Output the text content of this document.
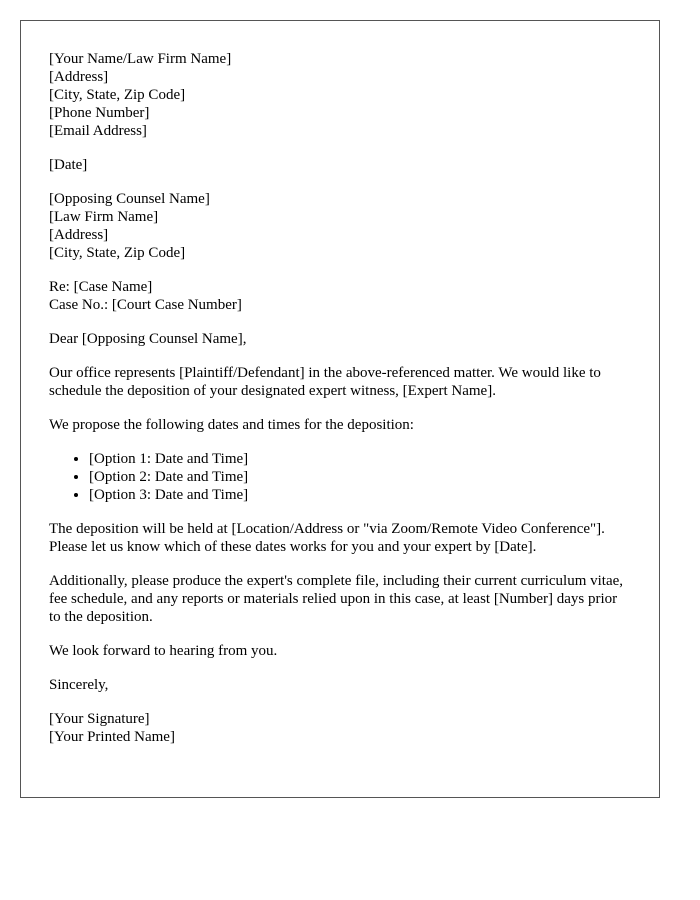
[Your Name/Law Firm Name]
[Address]
[City, State, Zip Code]
[Phone Number]
[Email Address]
[Date]
[Opposing Counsel Name]
[Law Firm Name]
[Address]
[City, State, Zip Code]
Re: [Case Name]
Case No.: [Court Case Number]

Dear [Opposing Counsel Name],

Our office represents [Plaintiff/Defendant] in the above-referenced matter. We would like to schedule the deposition of your designated expert witness, [Expert Name].

We propose the following dates and times for the deposition:

• [Option 1: Date and Time]
• [Option 2: Date and Time]
• [Option 3: Date and Time]

The deposition will be held at [Location/Address or "via Zoom/Remote Video Conference"]. Please let us know which of these dates works for you and your expert by [Date].

Additionally, please produce the expert's complete file, including their current curriculum vitae, fee schedule, and any reports or materials relied upon in this case, at least [Number] days prior to the deposition.

We look forward to hearing from you.

Sincerely,

[Your Signature]
[Your Printed Name]
